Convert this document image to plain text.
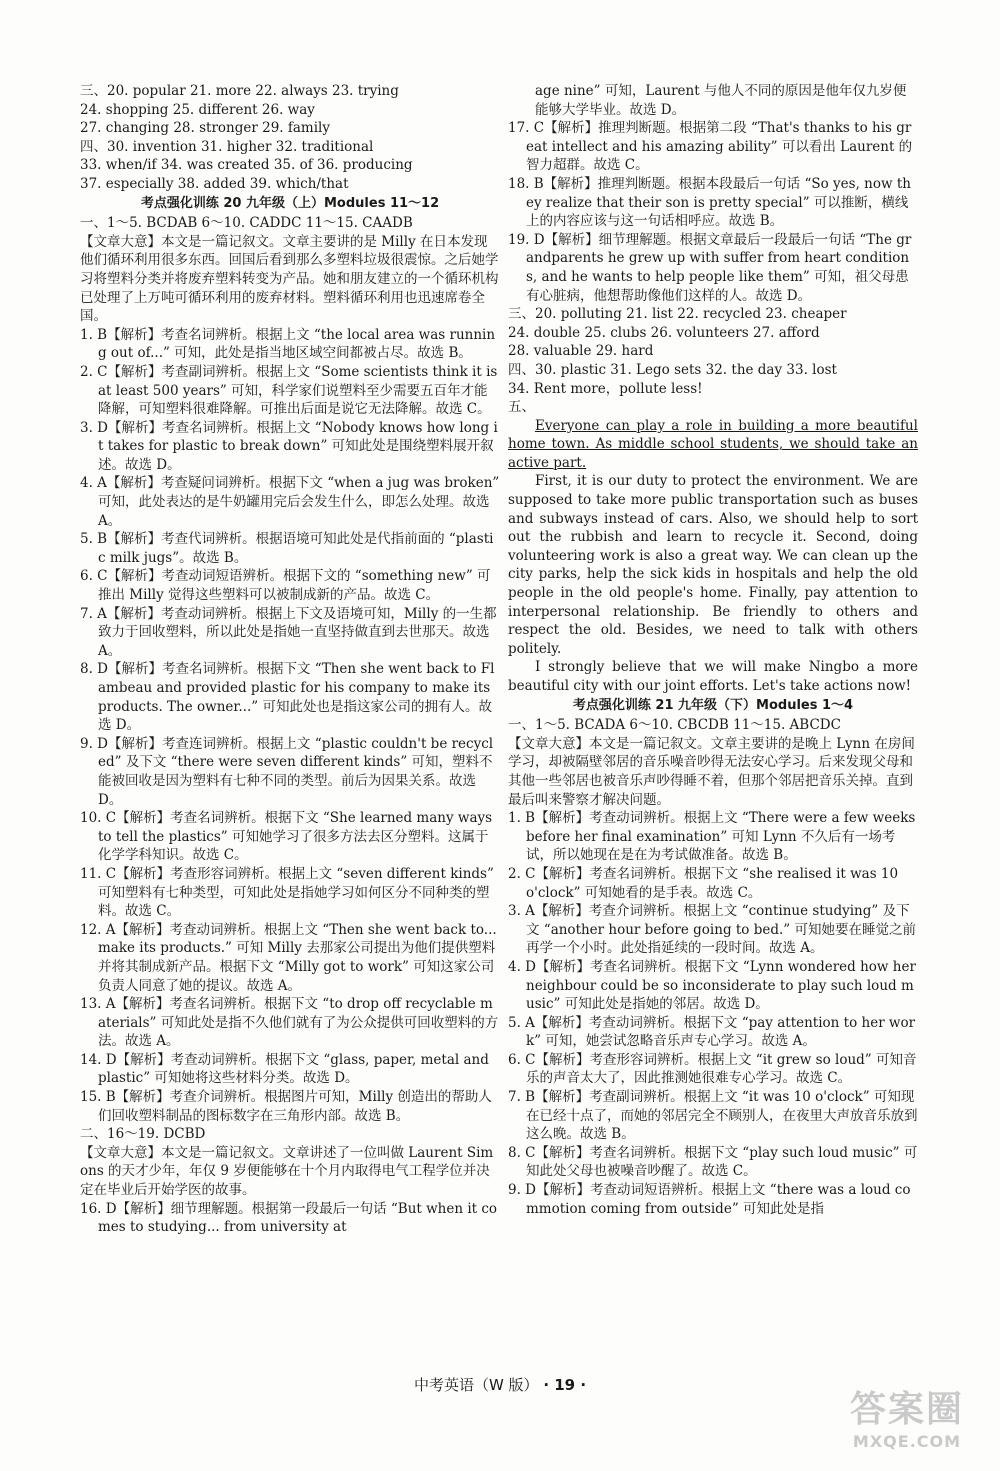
三、20. popular 21. more 22. always 23. trying

24. shopping 25. different 26. way

27. changing 28. stronger 29. family

四、30. invention 31. higher 32. traditional

33. when/if 34. was created 35. of 36. producing

37. especially 38. added 39. which/that

考点强化训练 20 九年级（上）Modules 11～12

一、1～5. BCDAB 6～10. CADDC 11～15. CAADB

【文章大意】本文是一篇记叙文。文章主要讲的是 Milly 在日本发现他们循环利用很多东西。回国后看到那么多塑料垃圾很震惊。之后她学习将塑料分类并将废弃塑料转变为产品。她和朋友建立的一个循环机构已处理了上万吨可循环利用的废弃材料。塑料循环利用也迅速席卷全国。

1. B【解析】考查名词辨析。根据上文 “the local area was running out of...” 可知，此处是指当地区域空间都被占尽。故选 B。

2. C【解析】考查副词辨析。根据上文 “Some scientists think it is at least 500 years” 可知，科学家们说塑料至少需要五百年才能降解，可知塑料很难降解。可推出后面是说它无法降解。故选 C。

3. D【解析】考查名词辨析。根据上文 “Nobody knows how long it takes for plastic to break down” 可知此处是围绕塑料展开叙述。故选 D。

4. A【解析】考查疑问词辨析。根据下文 “when a jug was broken” 可知，此处表达的是牛奶罐用完后会发生什么，即怎么处理。故选 A。

5. B【解析】考查代词辨析。根据语境可知此处是代指前面的 “plastic milk jugs”。故选 B。

6. C【解析】考查动词短语辨析。根据下文的 “something new” 可推出 Milly 觉得这些塑料可以被制成新的产品。故选 C。

7. A【解析】考查动词辨析。根据上下文及语境可知，Milly 的一生都致力于回收塑料，所以此处是指她一直坚持做直到去世那天。故选 A。

8. D【解析】考查名词辨析。根据下文 “Then she went back to Flambeau and provided plastic for his company to make its products. The owner...” 可知此处也是指这家公司的拥有人。故选 D。

9. D【解析】考查连词辨析。根据上文 “plastic couldn't be recycled” 及下文 “there were seven different kinds” 可知，塑料不能被回收是因为塑料有七种不同的类型。前后为因果关系。故选 D。

10. C【解析】考查名词辨析。根据下文 “She learned many ways to tell the plastics” 可知她学习了很多方法去区分塑料。这属于化学学科知识。故选 C。

11. C【解析】考查形容词辨析。根据上文 “seven different kinds” 可知塑料有七种类型，可知此处是指她学习如何区分不同种类的塑料。故选 C。

12. A【解析】考查动词辨析。根据上文 “Then she went back to... make its products.” 可知 Milly 去那家公司提出为他们提供塑料并将其制成新产品。根据下文 “Milly got to work” 可知这家公司负责人同意了她的提议。故选 A。

13. A【解析】考查名词辨析。根据下文 “to drop off recyclable materials” 可知此处是指不久他们就有了为公众提供可回收塑料的方法。故选 A。

14. D【解析】考查动词辨析。根据下文 “glass, paper, metal and plastic” 可知她将这些材料分类。故选 D。

15. B【解析】考查介词辨析。根据图片可知，Milly 创造出的帮助人们回收塑料制品的图标数字在三角形内部。故选 B。

二、16～19. DCBD

【文章大意】本文是一篇记叙文。文章讲述了一位叫做 Laurent Simons 的天才少年，年仅 9 岁便能够在十个月内取得电气工程学位并决定在毕业后开始学医的故事。

16. D【解析】细节理解题。根据第一段最后一句话 “But when it comes to studying... from university at

age nine” 可知，Laurent 与他人不同的原因是他年仅九岁便能够大学毕业。故选 D。

17. C【解析】推理判断题。根据第二段 “That's thanks to his great intellect and his amazing ability” 可以看出 Laurent 的智力超群。故选 C。

18. B【解析】推理判断题。根据本段最后一句话 “So yes, now they realize that their son is pretty special” 可以推断，横线上的内容应该与这一句话相呼应。故选 B。

19. D【解析】细节理解题。根据文章最后一段最后一句话 “The grandparents he grew up with suffer from heart conditions, and he wants to help people like them” 可知，祖父母患有心脏病，他想帮助像他们这样的人。故选 D。

三、20. polluting 21. list 22. recycled 23. cheaper

24. double 25. clubs 26. volunteers 27. afford

28. valuable 29. hard

四、30. plastic 31. Lego sets 32. the day 33. lost

34. Rent more，pollute less!

五、

Everyone can play a role in building a more beautiful home town. As middle school students, we should take an active part.

First, it is our duty to protect the environment. We are supposed to take more public transportation such as buses and subways instead of cars. Also, we should help to sort out the rubbish and learn to recycle it. Second, doing volunteering work is also a great way. We can clean up the city parks, help the sick kids in hospitals and help the old people in the old people's home. Finally, pay attention to interpersonal relationship. Be friendly to others and respect the old. Besides, we need to talk with others politely.

I strongly believe that we will make Ningbo a more beautiful city with our joint efforts. Let's take actions now!

考点强化训练 21 九年级（下）Modules 1～4

一、1～5. BCADA 6～10. CBCDB 11～15. ABCDC

【文章大意】本文是一篇记叙文。文章主要讲的是晚上 Lynn 在房间学习，却被隔壁邻居的音乐噪音吵得无法安心学习。后来发现父母和其他一些邻居也被音乐声吵得睡不着，但那个邻居把音乐关掉。直到最后叫来警察才解决问题。

1. B【解析】考查动词辨析。根据上文 “There were a few weeks before her final examination” 可知 Lynn 不久后有一场考试，所以她现在是在为考试做准备。故选 B。

2. C【解析】考查名词辨析。根据下文 “she realised it was 10 o'clock” 可知她看的是手表。故选 C。

3. A【解析】考查介词辨析。根据上文 “continue studying” 及下文 “another hour before going to bed.” 可知她要在睡觉之前再学一个小时。此处指延续的一段时间。故选 A。

4. D【解析】考查名词辨析。根据下文 “Lynn wondered how her neighbour could be so inconsiderate to play such loud music” 可知此处是指她的邻居。故选 D。

5. A【解析】考查动词辨析。根据下文 “pay attention to her work” 可知，她尝试忽略音乐声专心学习。故选 A。

6. C【解析】考查形容词辨析。根据上文 “it grew so loud” 可知音乐的声音太大了，因此推测她很难专心学习。故选 C。

7. B【解析】考查副词辨析。根据上文 “it was 10 o'clock” 可知现在已经十点了，而她的邻居完全不顾别人，在夜里大声放音乐放到这么晚。故选 B。

8. C【解析】考查名词辨析。根据下文 “play such loud music” 可知此处父母也被噪音吵醒了。故选 C。

9. D【解析】考查动词短语辨析。根据上文 “there was a loud commotion coming from outside” 可知此处是指

中考英语（W 版） · 19 ·
答案圈
MXQE.COM
